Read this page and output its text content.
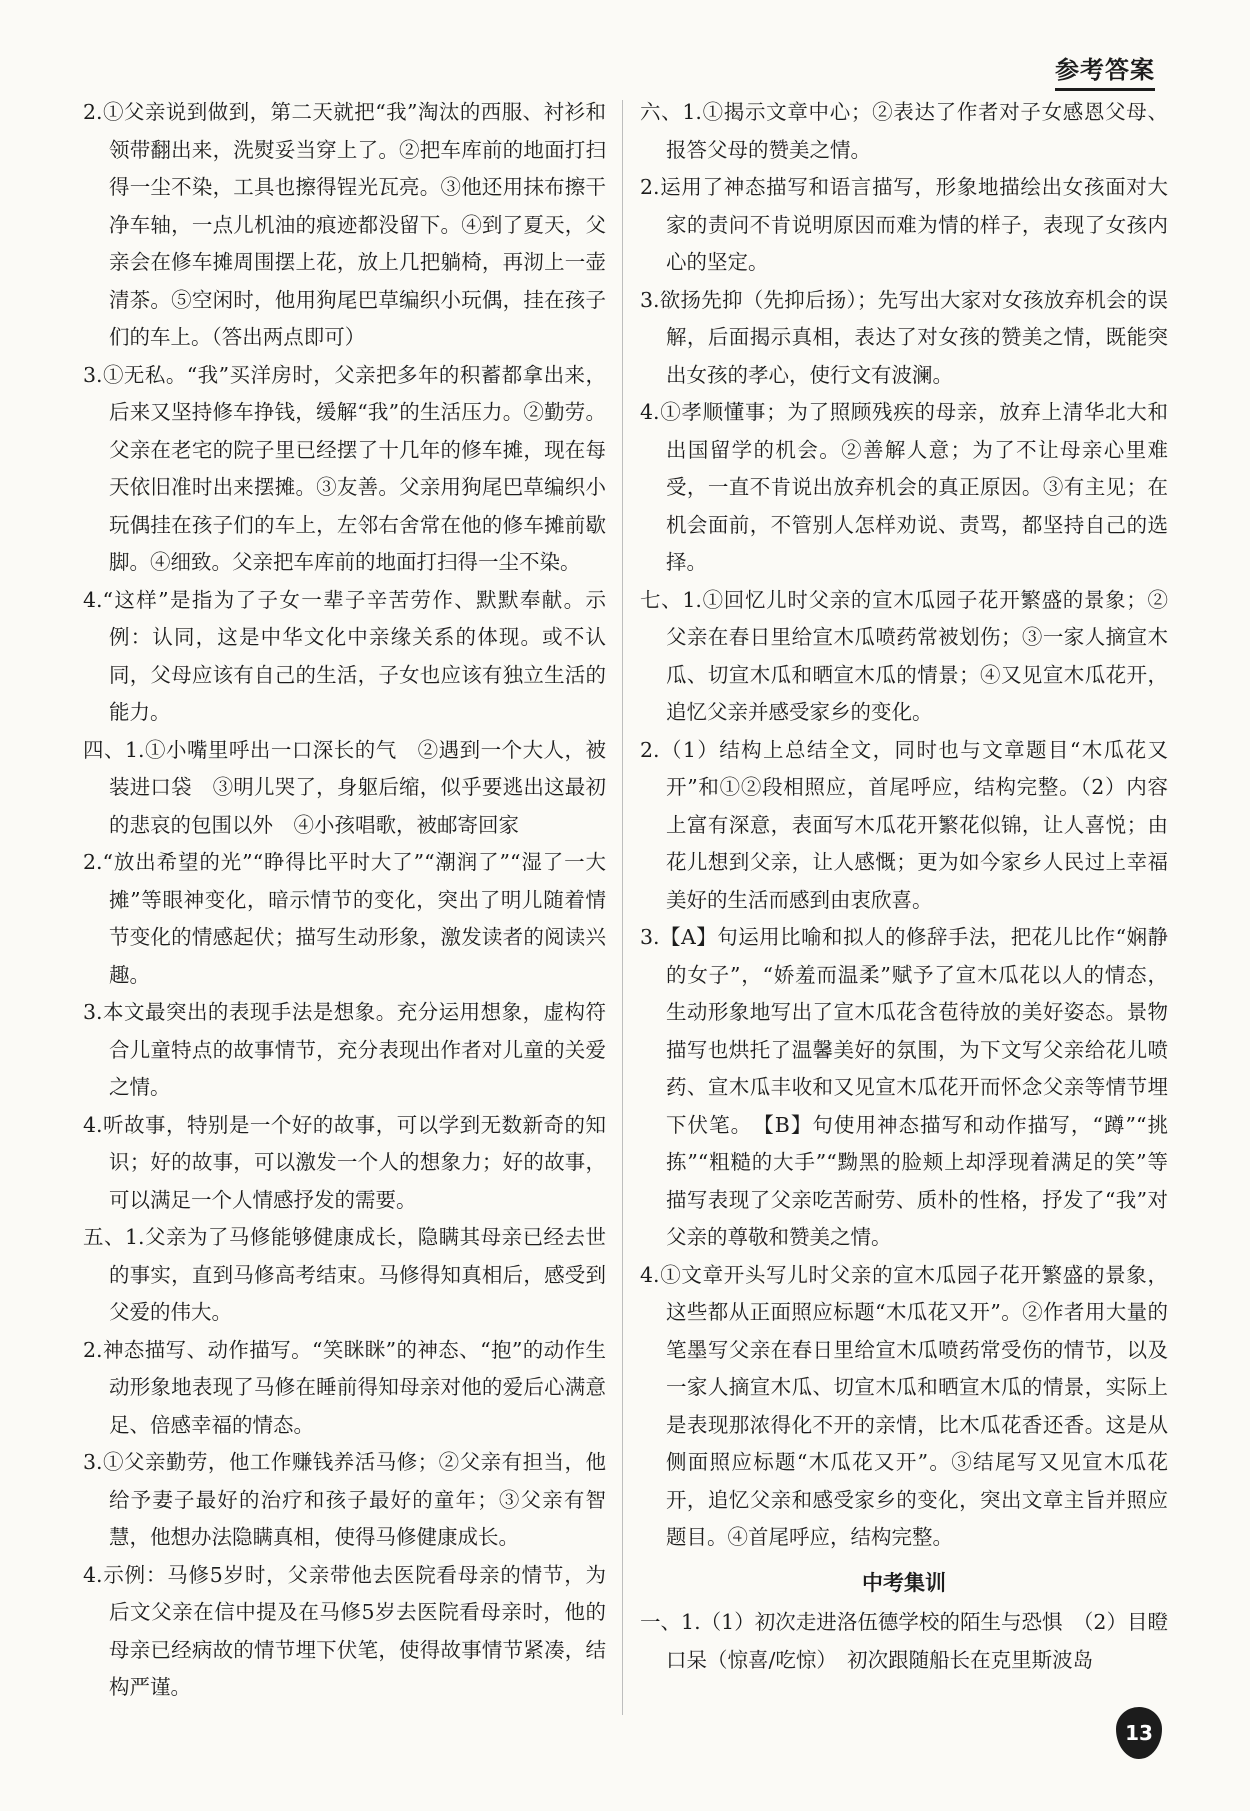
参考答案

2.①父亲说到做到，第二天就把“我”淘汰的西服、衬衫和领带翻出来，洗熨妥当穿上了。②把车库前的地面打扫得一尘不染，工具也擦得锃光瓦亮。③他还用抹布擦干净车轴，一点儿机油的痕迹都没留下。④到了夏天，父亲会在修车摊周围摆上花，放上几把躺椅，再沏上一壶清茶。⑤空闲时，他用狗尾巴草编织小玩偶，挂在孩子们的车上。（答出两点即可）

3.①无私。“我”买洋房时，父亲把多年的积蓄都拿出来，后来又坚持修车挣钱，缓解“我”的生活压力。②勤劳。父亲在老宅的院子里已经摆了十几年的修车摊，现在每天依旧准时出来摆摊。③友善。父亲用狗尾巴草编织小玩偶挂在孩子们的车上，左邻右舍常在他的修车摊前歇脚。④细致。父亲把车库前的地面打扫得一尘不染。

4.“这样”是指为了子女一辈子辛苦劳作、默默奉献。示例：认同，这是中华文化中亲缘关系的体现。或不认同，父母应该有自己的生活，子女也应该有独立生活的能力。

四、1.①小嘴里呼出一口深长的气　②遇到一个大人，被装进口袋　③明儿哭了，身躯后缩，似乎要逃出这最初的悲哀的包围以外　④小孩唱歌，被邮寄回家

2.“放出希望的光”“睁得比平时大了”“潮润了”“湿了一大摊”等眼神变化，暗示情节的变化，突出了明儿随着情节变化的情感起伏；描写生动形象，激发读者的阅读兴趣。

3.本文最突出的表现手法是想象。充分运用想象，虚构符合儿童特点的故事情节，充分表现出作者对儿童的关爱之情。

4.听故事，特别是一个好的故事，可以学到无数新奇的知识；好的故事，可以激发一个人的想象力；好的故事，可以满足一个人情感抒发的需要。

五、1.父亲为了马修能够健康成长，隐瞒其母亲已经去世的事实，直到马修高考结束。马修得知真相后，感受到父爱的伟大。

2.神态描写、动作描写。“笑眯眯”的神态、“抱”的动作生动形象地表现了马修在睡前得知母亲对他的爱后心满意足、倍感幸福的情态。

3.①父亲勤劳，他工作赚钱养活马修；②父亲有担当，他给予妻子最好的治疗和孩子最好的童年；③父亲有智慧，他想办法隐瞒真相，使得马修健康成长。

4.示例：马修5岁时，父亲带他去医院看母亲的情节，为后文父亲在信中提及在马修5岁去医院看母亲时，他的母亲已经病故的情节埋下伏笔，使得故事情节紧凑，结构严谨。

六、1.①揭示文章中心；②表达了作者对子女感恩父母、报答父母的赞美之情。

2.运用了神态描写和语言描写，形象地描绘出女孩面对大家的责问不肯说明原因而难为情的样子，表现了女孩内心的坚定。

3.欲扬先抑（先抑后扬）；先写出大家对女孩放弃机会的误解，后面揭示真相，表达了对女孩的赞美之情，既能突出女孩的孝心，使行文有波澜。

4.①孝顺懂事；为了照顾残疾的母亲，放弃上清华北大和出国留学的机会。②善解人意；为了不让母亲心里难受，一直不肯说出放弃机会的真正原因。③有主见；在机会面前，不管别人怎样劝说、责骂，都坚持自己的选择。

七、1.①回忆儿时父亲的宣木瓜园子花开繁盛的景象；②父亲在春日里给宣木瓜喷药常被划伤；③一家人摘宣木瓜、切宣木瓜和晒宣木瓜的情景；④又见宣木瓜花开，追忆父亲并感受家乡的变化。

2.（1）结构上总结全文，同时也与文章题目“木瓜花又开”和①②段相照应，首尾呼应，结构完整。（2）内容上富有深意，表面写木瓜花开繁花似锦，让人喜悦；由花儿想到父亲，让人感慨；更为如今家乡人民过上幸福美好的生活而感到由衷欣喜。

3.【A】句运用比喻和拟人的修辞手法，把花儿比作“娴静的女子”，“娇羞而温柔”赋予了宣木瓜花以人的情态，生动形象地写出了宣木瓜花含苞待放的美好姿态。景物描写也烘托了温馨美好的氛围，为下文写父亲给花儿喷药、宣木瓜丰收和又见宣木瓜花开而怀念父亲等情节埋下伏笔。　【B】句使用神态描写和动作描写，“蹲”“挑拣”“粗糙的大手”“黝黑的脸颊上却浮现着满足的笑”等描写表现了父亲吃苦耐劳、质朴的性格，抒发了“我”对父亲的尊敬和赞美之情。

4.①文章开头写儿时父亲的宣木瓜园子花开繁盛的景象，这些都从正面照应标题“木瓜花又开”。②作者用大量的笔墨写父亲在春日里给宣木瓜喷药常受伤的情节，以及一家人摘宣木瓜、切宣木瓜和晒宣木瓜的情景，实际上是表现那浓得化不开的亲情，比木瓜花香还香。这是从侧面照应标题“木瓜花又开”。③结尾写又见宣木瓜花开，追忆父亲和感受家乡的变化，突出文章主旨并照应题目。④首尾呼应，结构完整。

中考集训

一、1.（1）初次走进洛伍德学校的陌生与恐惧　（2）目瞪口呆（惊喜/吃惊）　初次跟随船长在克里斯波岛

13
